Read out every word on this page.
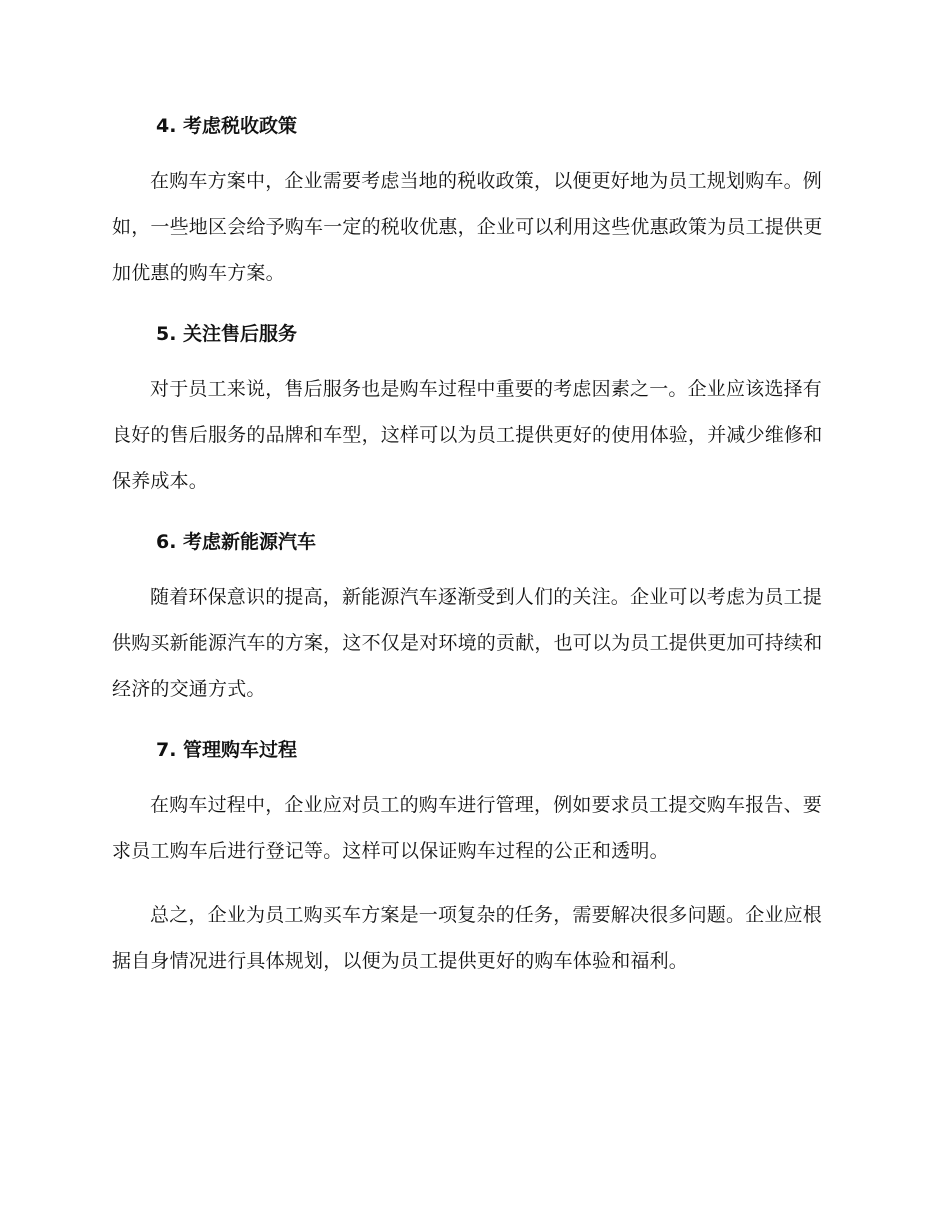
4. 考虑税收政策

在购车方案中，企业需要考虑当地的税收政策，以便更好地为员工规划购车。例如，一些地区会给予购车一定的税收优惠，企业可以利用这些优惠政策为员工提供更加优惠的购车方案。

5. 关注售后服务

对于员工来说，售后服务也是购车过程中重要的考虑因素之一。企业应该选择有良好的售后服务的品牌和车型，这样可以为员工提供更好的使用体验，并减少维修和保养成本。

6. 考虑新能源汽车

随着环保意识的提高，新能源汽车逐渐受到人们的关注。企业可以考虑为员工提供购买新能源汽车的方案，这不仅是对环境的贡献，也可以为员工提供更加可持续和经济的交通方式。

7. 管理购车过程

在购车过程中，企业应对员工的购车进行管理，例如要求员工提交购车报告、要求员工购车后进行登记等。这样可以保证购车过程的公正和透明。

总之，企业为员工购买车方案是一项复杂的任务，需要解决很多问题。企业应根据自身情况进行具体规划，以便为员工提供更好的购车体验和福利。
